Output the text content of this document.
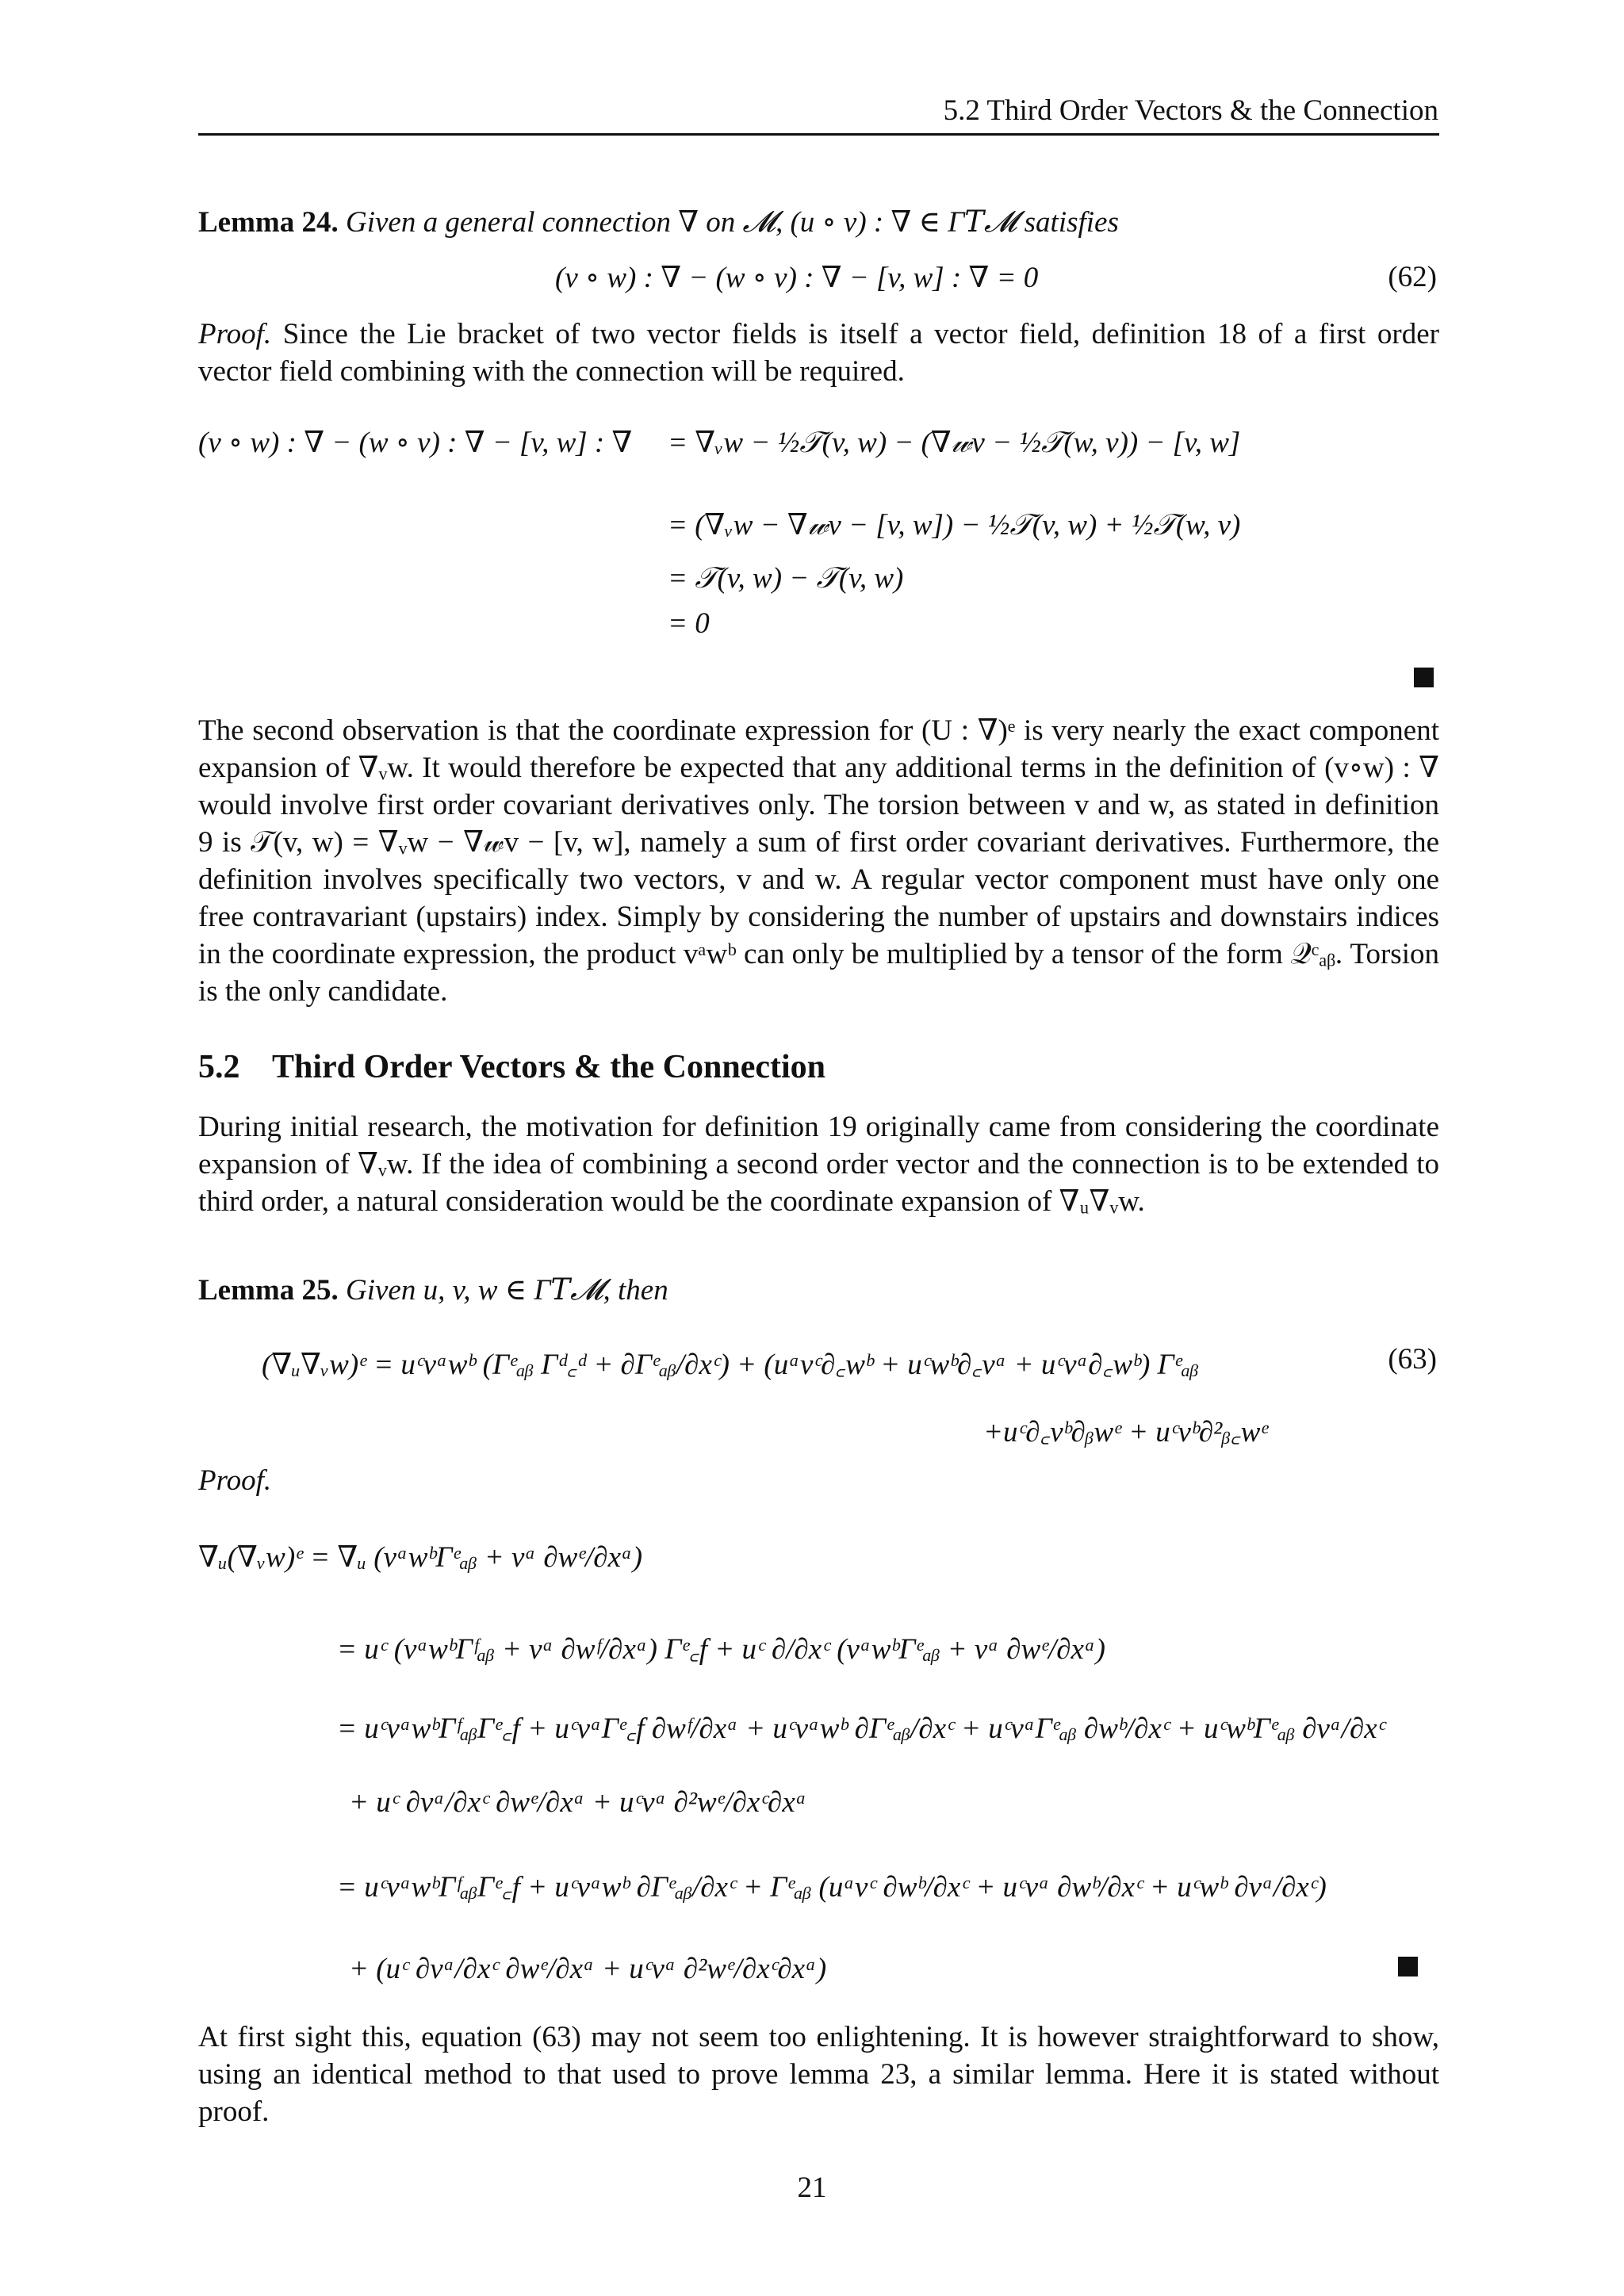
5.2 Third Order Vectors & the Connection
Lemma 24. Given a general connection ∇ on 𝓜, (u ∘ v) : ∇ ∈ Γ𝑇𝓜 satisfies
(v ∘ w) : ∇ − (w ∘ v) : ∇ − [v, w] : ∇ = 0	(62)
Proof. Since the Lie bracket of two vector fields is itself a vector field, definition 18 of a first order vector field combining with the connection will be required.
(v ∘ w) : ∇ − (w ∘ v) : ∇ − [v, w] : ∇ = ∇ᵥw − ½𝒯(v, w) − (∇𝓌v − ½𝒯(w, v)) − [v, w]
= (∇ᵥw − ∇𝓌v − [v, w]) − ½𝒯(v, w) + ½𝒯(w, v)
= 𝒯(v, w) − 𝒯(v, w)
= 0
The second observation is that the coordinate expression for (U : ∇)ᵉ is very nearly the exact component expansion of ∇ᵥw. It would therefore be expected that any additional terms in the definition of (v∘w) : ∇ would involve first order covariant derivatives only. The torsion between v and w, as stated in definition 9 is 𝒯(v, w) = ∇ᵥw − ∇𝓌v − [v, w], namely a sum of first order covariant derivatives. Furthermore, the definition involves specifically two vectors, v and w. A regular vector component must have only one free contravariant (upstairs) index. Simply by considering the number of upstairs and downstairs indices in the coordinate expression, the product vᵃwᵇ can only be multiplied by a tensor of the form 𝒬ᶜₐᵦ. Torsion is the only candidate.
5.2 Third Order Vectors & the Connection
During initial research, the motivation for definition 19 originally came from considering the coordinate expansion of ∇ᵥw. If the idea of combining a second order vector and the connection is to be extended to third order, a natural consideration would be the coordinate expansion of ∇ᵤ∇ᵥw.
Lemma 25. Given u, v, w ∈ Γ𝑇𝓜, then
(∇ᵤ∇ᵥw)ᵉ = uᶜvᵃwᵇ (Γᵉₐᵦ Γᵈ꜀ᵈ + ∂Γᵉₐᵦ/∂xᶜ) + (uᵃvᶜ∂꜀wᵇ + uᶜwᵇ∂꜀vᵃ + uᶜvᵃ∂꜀wᵇ) Γᵉₐᵦ	(63)
+uᶜ∂꜀vᵇ∂ᵦwᵉ + uᶜvᵇ∂²ᵦ꜀wᵉ
Proof.
∇ᵤ(∇ᵥw)ᵉ = ∇ᵤ (vᵃwᵇΓᵉₐᵦ + vᵃ ∂wᵉ/∂xᵃ)
= uᶜ (vᵃwᵇΓᶠₐᵦ + vᵃ ∂wᶠ/∂xᵃ) Γᵉ꜀f + uᶜ ∂/∂xᶜ (vᵃwᵇΓᵉₐᵦ + vᵃ ∂wᵉ/∂xᵃ)
= uᶜvᵃwᵇΓᶠₐᵦΓᵉ꜀f + uᶜvᵃΓᵉ꜀f ∂wᶠ/∂xᵃ + uᶜvᵃwᵇ ∂Γᵉₐᵦ/∂xᶜ + uᶜvᵃΓᵉₐᵦ ∂wᵇ/∂xᶜ + uᶜwᵇΓᵉₐᵦ ∂vᵃ/∂xᶜ
+ uᶜ ∂vᵃ/∂xᶜ ∂wᵉ/∂xᵃ + uᶜvᵃ ∂²wᵉ/∂xᶜ∂xᵃ
= uᶜvᵃwᵇΓᶠₐᵦΓᵉ꜀f + uᶜvᵃwᵇ ∂Γᵉₐᵦ/∂xᶜ + Γᵉₐᵦ (uᵃvᶜ ∂wᵇ/∂xᶜ + uᶜvᵃ ∂wᵇ/∂xᶜ + uᶜwᵇ ∂vᵃ/∂xᶜ)
+ (uᶜ ∂vᵃ/∂xᶜ ∂wᵉ/∂xᵃ + uᶜvᵃ ∂²wᵉ/∂xᶜ∂xᵃ)
At first sight this, equation (63) may not seem too enlightening. It is however straightforward to show, using an identical method to that used to prove lemma 23, a similar lemma. Here it is stated without proof.
21
